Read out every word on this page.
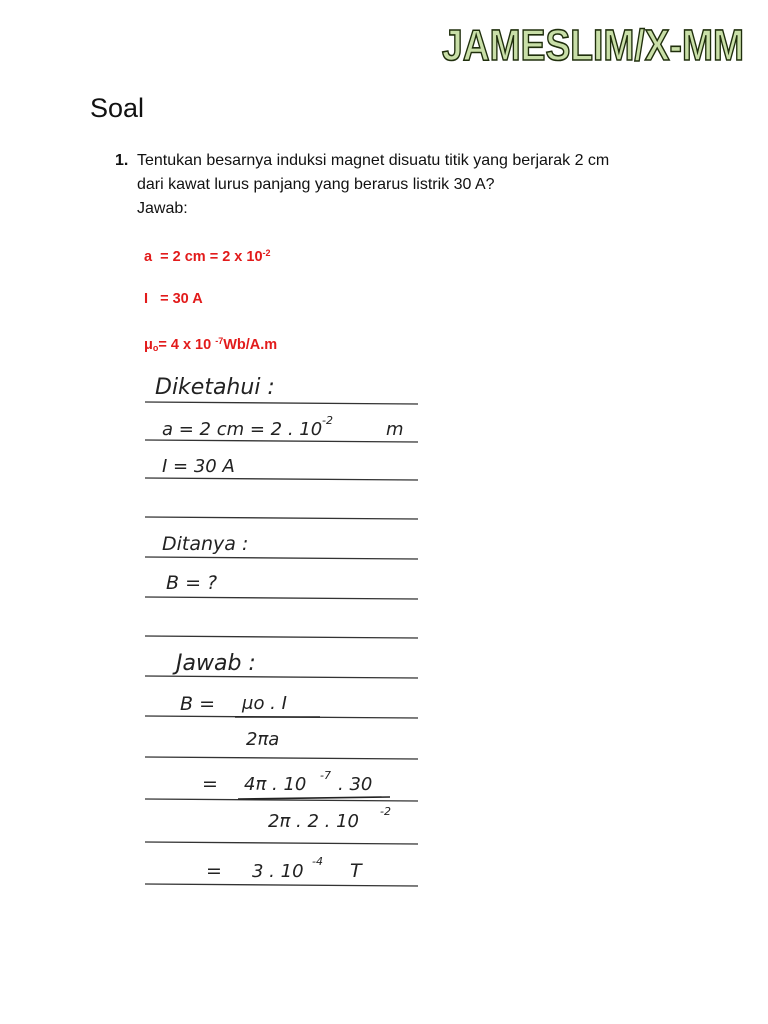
JAMESLIM/X-MM
Soal
1. Tentukan besarnya induksi magnet disuatu titik yang berjarak 2 cm
dari kawat lurus panjang yang berarus listrik 30 A?
Jawab:
a = 2 cm = 2 x $10^{-2}$
I = 30 A
$\mu_o= 4$ x 10 $^{-7}$Wb/A.m
Diketahui :
a = 2 cm = 2 . 10 -2	m
I = 30 A
Ditanya :
B = ?
Jawab :
B = μo . I
2πa
= 4π . 10 -7 . 30
2π . 2 . 10 -2
= 3 . 10 -4 T
